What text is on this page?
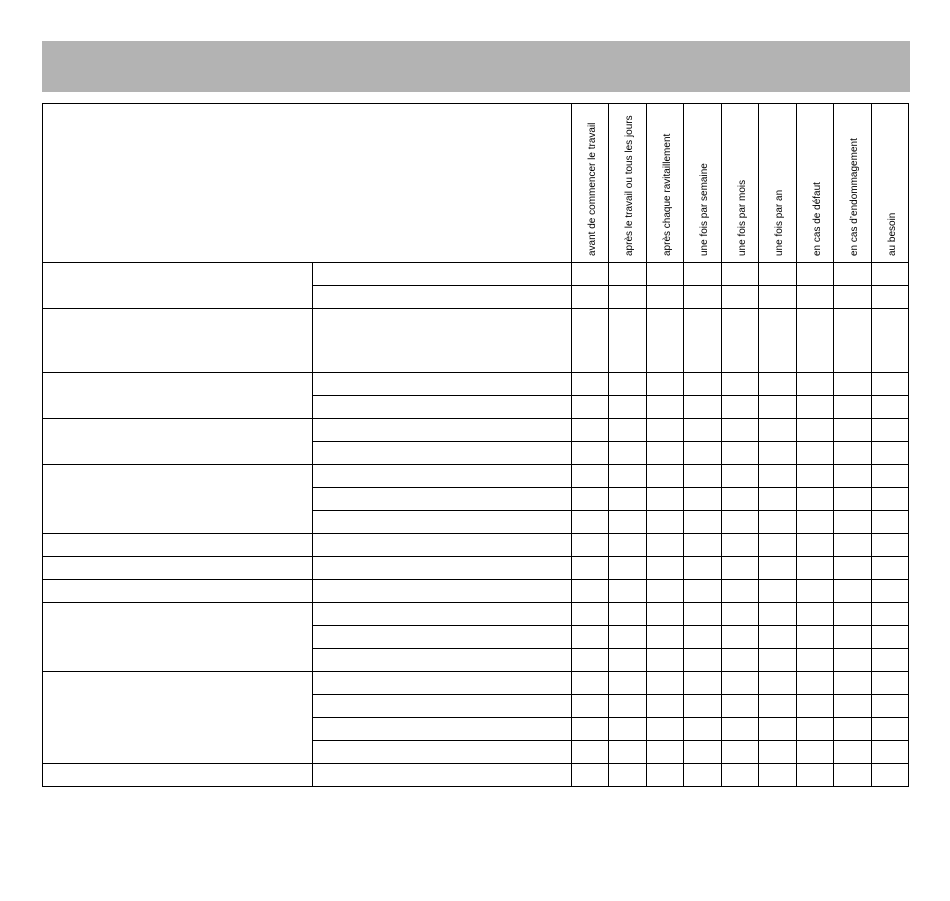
		avant de commencer le travail	après le travail ou tous les jours	après chaque ravitaillement	une fois par semaine	une fois par mois	une fois par an	en cas de défaut	en cas d’endommagement	au besoin
